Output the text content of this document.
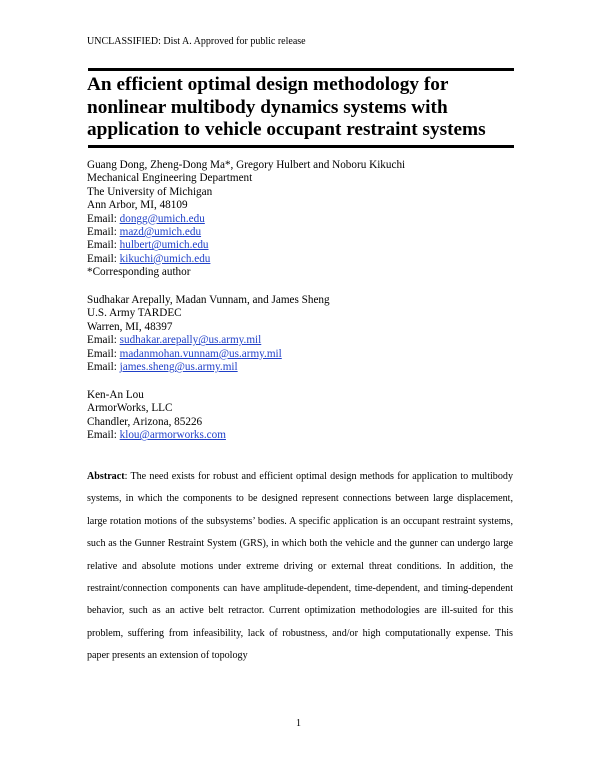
UNCLASSIFIED: Dist A. Approved for public release
An efficient optimal design methodology for nonlinear multibody dynamics systems with application to vehicle occupant restraint systems
Guang Dong, Zheng-Dong Ma*, Gregory Hulbert and Noboru Kikuchi
Mechanical Engineering Department
The University of Michigan
Ann Arbor, MI, 48109
Email: dongg@umich.edu
Email: mazd@umich.edu
Email: hulbert@umich.edu
Email: kikuchi@umich.edu
*Corresponding author
Sudhakar Arepally, Madan Vunnam, and James Sheng
U.S. Army TARDEC
Warren, MI, 48397
Email: sudhakar.arepally@us.army.mil
Email: madanmohan.vunnam@us.army.mil
Email: james.sheng@us.army.mil
Ken-An Lou
ArmorWorks, LLC
Chandler, Arizona, 85226
Email: klou@armorworks.com

Abstract: The need exists for robust and efficient optimal design methods for application to multibody systems, in which the components to be designed represent connections between large displacement, large rotation motions of the subsystems’ bodies. A specific application is an occupant restraint systems, such as the Gunner Restraint System (GRS), in which both the vehicle and the gunner can undergo large relative and absolute motions under extreme driving or external threat conditions. In addition, the restraint/connection components can have amplitude-dependent, time-dependent, and timing-dependent behavior, such as an active belt retractor. Current optimization methodologies are ill-suited for this problem, suffering from infeasibility, lack of robustness, and/or high computationally expense. This paper presents an extension of topology

1
